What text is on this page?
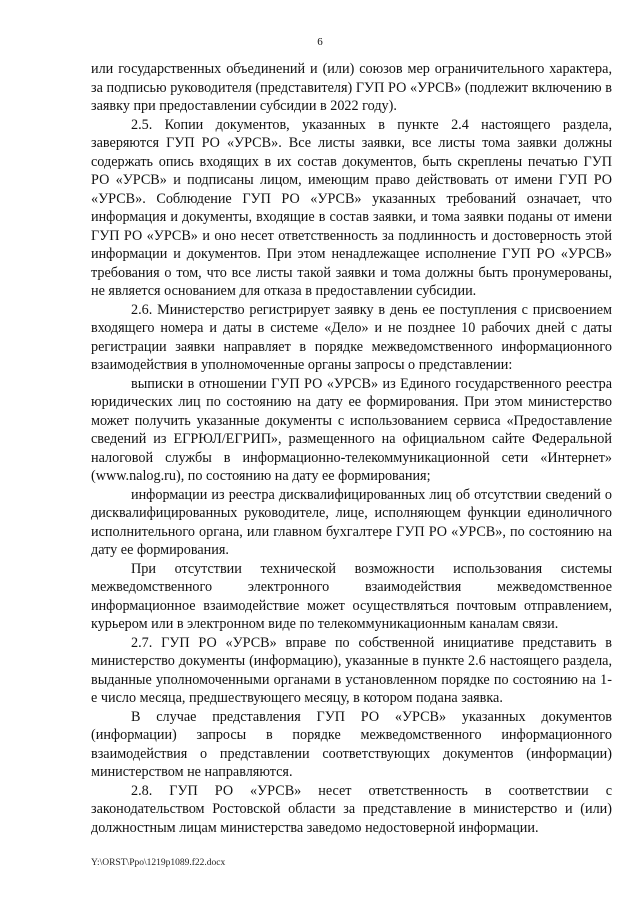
6

или государственных объединений и (или) союзов мер ограничительного характера, за подписью руководителя (представителя) ГУП РО «УРСВ» (подлежит включению в заявку при предоставлении субсидии в 2022 году).

2.5. Копии документов, указанных в пункте 2.4 настоящего раздела, заверяются ГУП РО «УРСВ». Все листы заявки, все листы тома заявки должны содержать опись входящих в их состав документов, быть скреплены печатью ГУП РО «УРСВ» и подписаны лицом, имеющим право действовать от имени ГУП РО «УРСВ». Соблюдение ГУП РО «УРСВ» указанных требований означает, что информация и документы, входящие в состав заявки, и тома заявки поданы от имени ГУП РО «УРСВ» и оно несет ответственность за подлинность и достоверность этой информации и документов. При этом ненадлежащее исполнение ГУП РО «УРСВ» требования о том, что все листы такой заявки и тома должны быть пронумерованы, не является основанием для отказа в предоставлении субсидии.

2.6. Министерство регистрирует заявку в день ее поступления с присвоением входящего номера и даты в системе «Дело» и не позднее 10 рабочих дней с даты регистрации заявки направляет в порядке межведомственного информационного взаимодействия в уполномоченные органы запросы о представлении:

выписки в отношении ГУП РО «УРСВ» из Единого государственного реестра юридических лиц по состоянию на дату ее формирования. При этом министерство может получить указанные документы с использованием сервиса «Предоставление сведений из ЕГРЮЛ/ЕГРИП», размещенного на официальном сайте Федеральной налоговой службы в информационно-телекоммуникационной сети «Интернет» (www.nalog.ru), по состоянию на дату ее формирования;

информации из реестра дисквалифицированных лиц об отсутствии сведений о дисквалифицированных руководителе, лице, исполняющем функции единоличного исполнительного органа, или главном бухгалтере ГУП РО «УРСВ», по состоянию на дату ее формирования.

При отсутствии технической возможности использования системы межведомственного электронного взаимодействия межведомственное информационное взаимодействие может осуществляться почтовым отправлением, курьером или в электронном виде по телекоммуникационным каналам связи.

2.7. ГУП РО «УРСВ» вправе по собственной инициативе представить в министерство документы (информацию), указанные в пункте 2.6 настоящего раздела, выданные уполномоченными органами в установленном порядке по состоянию на 1-е число месяца, предшествующего месяцу, в котором подана заявка.

В случае представления ГУП РО «УРСВ» указанных документов (информации) запросы в порядке межведомственного информационного взаимодействия о представлении соответствующих документов (информации) министерством не направляются.

2.8. ГУП РО «УРСВ» несет ответственность в соответствии с законодательством Ростовской области за представление в министерство и (или) должностным лицам министерства заведомо недостоверной информации.

Y:\ORST\Ppo\1219p1089.f22.docx
